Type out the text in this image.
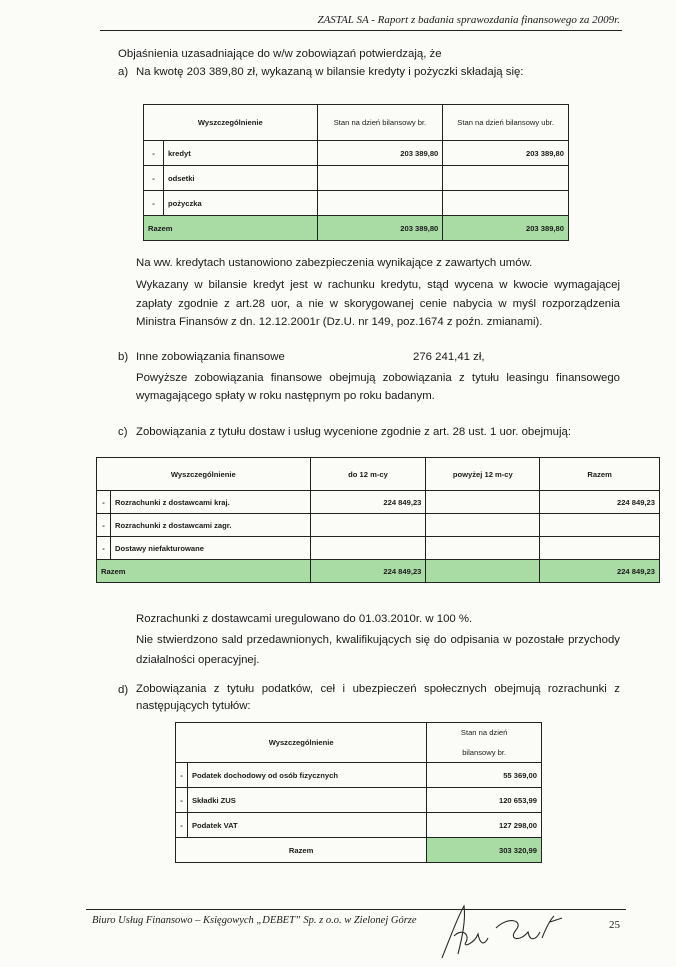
ZASTAL SA - Raport z badania sprawozdania finansowego za 2009r.
Objaśnienia uzasadniające do w/w zobowiązań potwierdzają, że
a) Na kwotę 203 389,80 zł, wykazaną w bilansie kredyty i pożyczki składają się:
Wyszczególnienie		Stan na dzień bilansowy br.	Stan na dzień bilansowy ubr.
-	kredyt	203 389,80	203 389,80
-	odsetki		
-	pożyczka		
Razem		203 389,80	203 389,80
Na ww. kredytach ustanowiono zabezpieczenia wynikające z zawartych umów.
Wykazany w bilansie kredyt jest w rachunku kredytu, stąd wycena w kwocie wymagającej zapłaty zgodnie z art.28 uor, a nie w skorygowanej cenie nabycia w myśl rozporządzenia Ministra Finansów z dn. 12.12.2001r (Dz.U. nr 149, poz.1674 z poźn. zmianami).
b) Inne zobowiązania finansowe	276 241,41 zł,
Powyższe zobowiązania finansowe obejmują zobowiązania z tytułu leasingu finansowego wymagającego spłaty w roku następnym po roku badanym.
c) Zobowiązania z tytułu dostaw i usług wycenione zgodnie z art. 28 ust. 1 uor. obejmują:
Wyszczególnienie		do 12 m-cy	powyżej 12 m-cy	Razem
-	Rozrachunki z dostawcami kraj.	224 849,23		224 849,23
-	Rozrachunki z dostawcami zagr.			
-	Dostawy niefakturowane			
Razem		224 849,23		224 849,23
Rozrachunki z dostawcami uregulowano do 01.03.2010r. w 100 %.
Nie stwierdzono sald przedawnionych, kwalifikujących się do odpisania w pozostałe przychody działalności operacyjnej.
d) Zobowiązania z tytułu podatków, ceł i ubezpieczeń społecznych obejmują rozrachunki z następujących tytułów:
Wyszczególnienie		Stan na dzień
		bilansowy br.
-	Podatek dochodowy od osób fizycznych	55 369,00
-	Składki ZUS	120 653,99
-	Podatek VAT	127 298,00
Razem		303 320,99
Biuro Usług Finansowo – Księgowych „DEBET” Sp. z o.o. w Zielonej Górze	25
